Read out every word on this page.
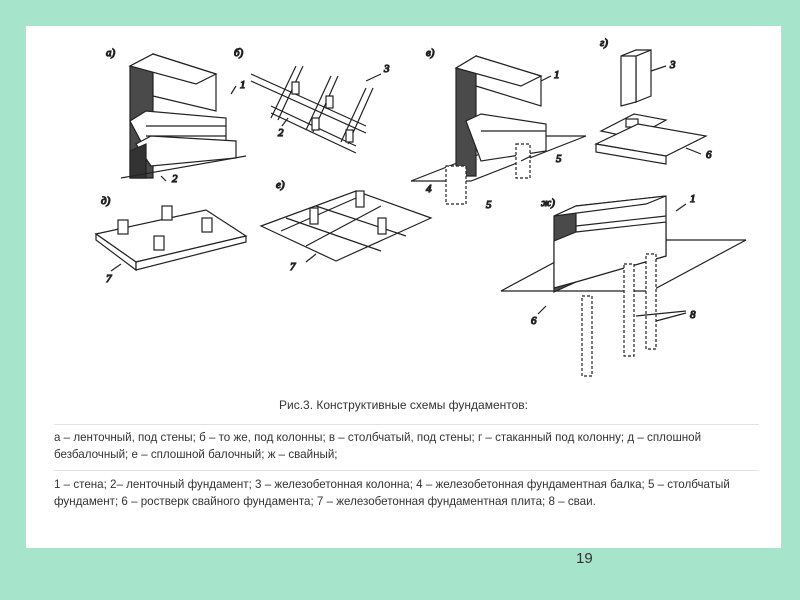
а)
1
2
б)
3
2
в)
1
5
4
5
г)
3
6
д)
7
е)
7
ж)	1
6	8
Рис.3. Конструктивные схемы фундаментов:
а – ленточный, под стены; б – то же, под колонны; в – столбчатый, под стены; г – стаканный под колонну; д – сплошной безбалочный; е – сплошной балочный; ж – свайный;
1 – стена; 2– ленточный фундамент; 3 – железобетонная колонна; 4 – железобетонная фундаментная балка; 5 – столбчатый фундамент; 6 – ростверк свайного фундамента; 7 – железобетонная фундаментная плита; 8 – сваи.
19
